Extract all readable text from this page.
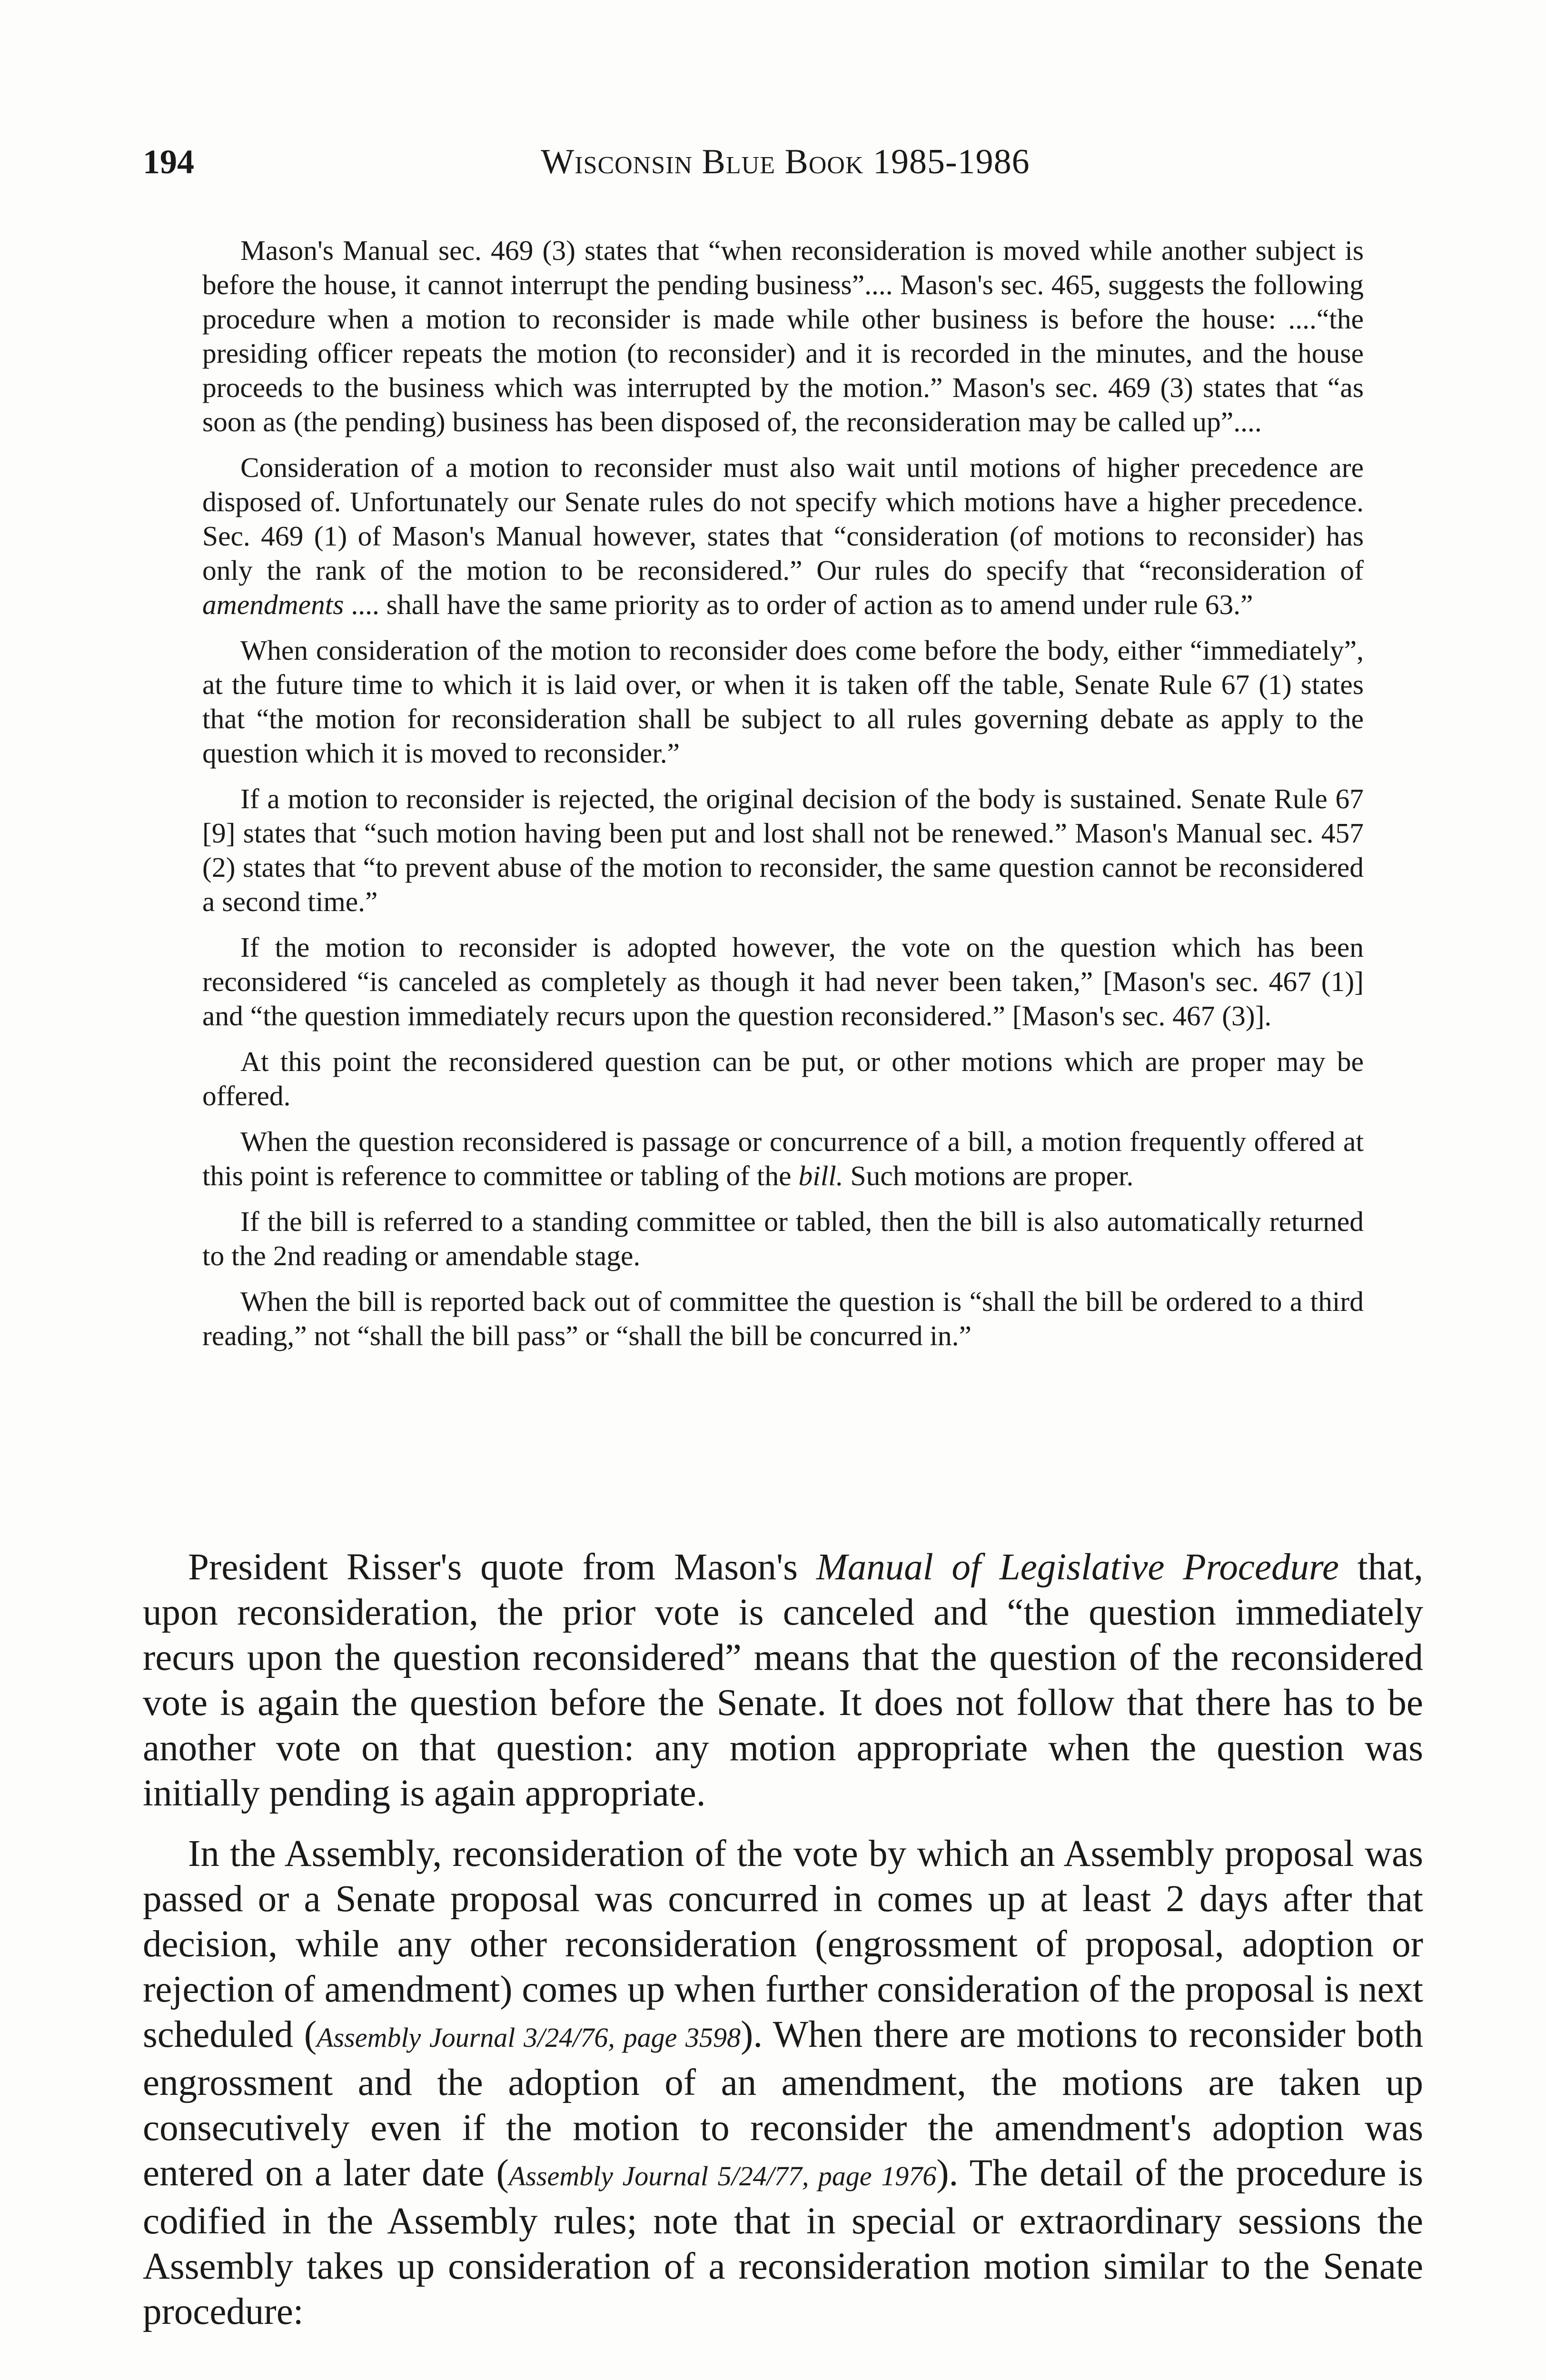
194	Wisconsin Blue Book 1985-1986

Mason's Manual sec. 469 (3) states that “when reconsideration is moved while another subject is before the house, it cannot interrupt the pending business”.... Mason's sec. 465, suggests the following procedure when a motion to reconsider is made while other business is before the house: ....“the presiding officer repeats the motion (to reconsider) and it is recorded in the minutes, and the house proceeds to the business which was interrupted by the motion.” Mason's sec. 469 (3) states that “as soon as (the pending) business has been disposed of, the reconsideration may be called up”....

Consideration of a motion to reconsider must also wait until motions of higher precedence are disposed of. Unfortunately our Senate rules do not specify which motions have a higher precedence. Sec. 469 (1) of Mason's Manual however, states that “consideration (of motions to reconsider) has only the rank of the motion to be reconsidered.” Our rules do specify that “reconsideration of amendments .... shall have the same priority as to order of action as to amend under rule 63.”

When consideration of the motion to reconsider does come before the body, either “immediately”, at the future time to which it is laid over, or when it is taken off the table, Senate Rule 67 (1) states that “the motion for reconsideration shall be subject to all rules governing debate as apply to the question which it is moved to reconsider.”

If a motion to reconsider is rejected, the original decision of the body is sustained. Senate Rule 67 [9] states that “such motion having been put and lost shall not be renewed.” Mason's Manual sec. 457 (2) states that “to prevent abuse of the motion to reconsider, the same question cannot be reconsidered a second time.”

If the motion to reconsider is adopted however, the vote on the question which has been reconsidered “is canceled as completely as though it had never been taken,” [Mason's sec. 467 (1)] and “the question immediately recurs upon the question reconsidered.” [Mason's sec. 467 (3)].

At this point the reconsidered question can be put, or other motions which are proper may be offered.

When the question reconsidered is passage or concurrence of a bill, a motion frequently offered at this point is reference to committee or tabling of the bill. Such motions are proper.

If the bill is referred to a standing committee or tabled, then the bill is also automatically returned to the 2nd reading or amendable stage.

When the bill is reported back out of committee the question is “shall the bill be ordered to a third reading,” not “shall the bill pass” or “shall the bill be concurred in.”

President Risser's quote from Mason's Manual of Legislative Procedure that, upon reconsideration, the prior vote is canceled and “the question immediately recurs upon the question reconsidered” means that the question of the reconsidered vote is again the question before the Senate. It does not follow that there has to be another vote on that question: any motion appropriate when the question was initially pending is again appropriate.

In the Assembly, reconsideration of the vote by which an Assembly proposal was passed or a Senate proposal was concurred in comes up at least 2 days after that decision, while any other reconsideration (engrossment of proposal, adoption or rejection of amendment) comes up when further consideration of the proposal is next scheduled (Assembly Journal 3/24/76, page 3598). When there are motions to reconsider both engrossment and the adoption of an amendment, the motions are taken up consecutively even if the motion to reconsider the amendment's adoption was entered on a later date (Assembly Journal 5/24/77, page 1976). The detail of the procedure is codified in the Assembly rules; note that in special or extraordinary sessions the Assembly takes up consideration of a reconsideration motion similar to the Senate procedure:
